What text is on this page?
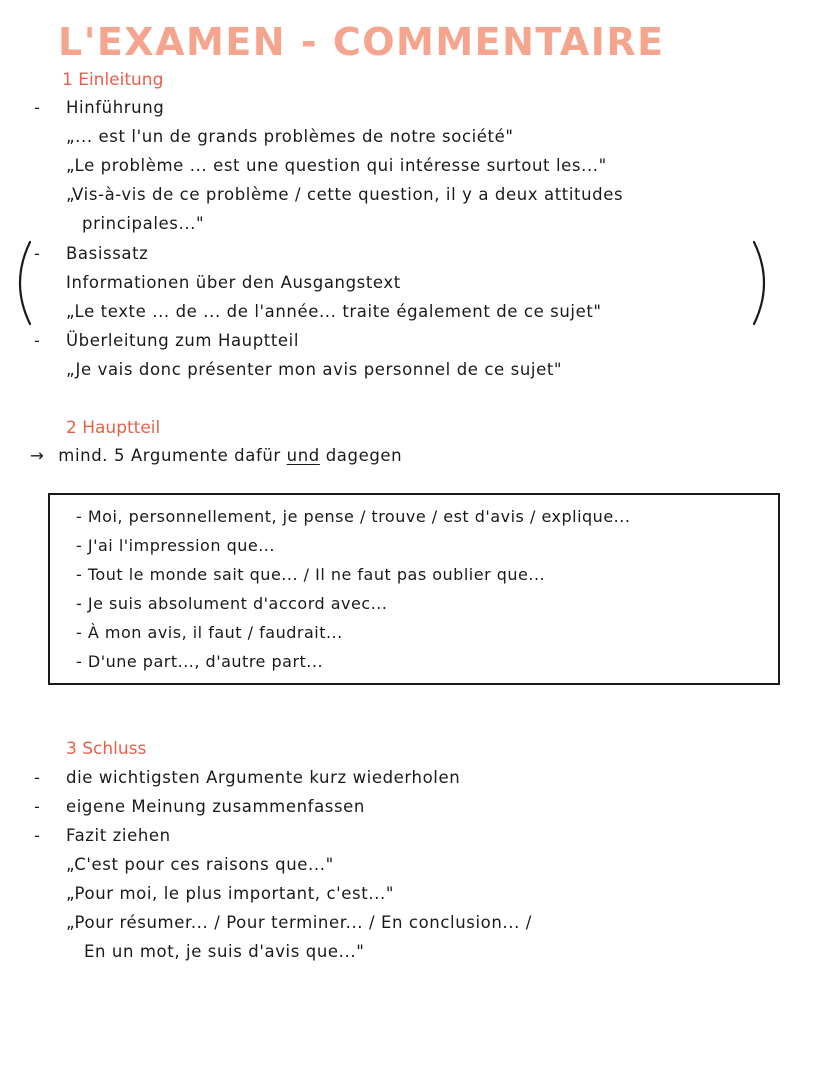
L'EXAMEN - COMMENTAIRE
1 Einleitung
- Hinführung
„... est l'un de grands problèmes de notre société"
„Le problème ... est une question qui intéresse surtout les..."
„Vis-à-vis de ce problème / cette question, il y a deux attitudes
principales..."
- Basissatz
Informationen über den Ausgangstext
„Le texte ... de ... de l'année... traite également de ce sujet"
- Überleitung zum Hauptteil
„Je vais donc présenter mon avis personnel de ce sujet"
2 Hauptteil
→ mind. 5 Argumente dafür und dagegen
- Moi, personnellement, je pense / trouve / est d'avis / explique...
- J'ai l'impression que...
- Tout le monde sait que... / Il ne faut pas oublier que...
- Je suis absolument d'accord avec...
- À mon avis, il faut / faudrait...
- D'une part..., d'autre part...
3 Schluss
- die wichtigsten Argumente kurz wiederholen
- eigene Meinung zusammenfassen
- Fazit ziehen
„C'est pour ces raisons que..."
„Pour moi, le plus important, c'est..."
„Pour résumer... / Pour terminer... / En conclusion... /
En un mot, je suis d'avis que..."
